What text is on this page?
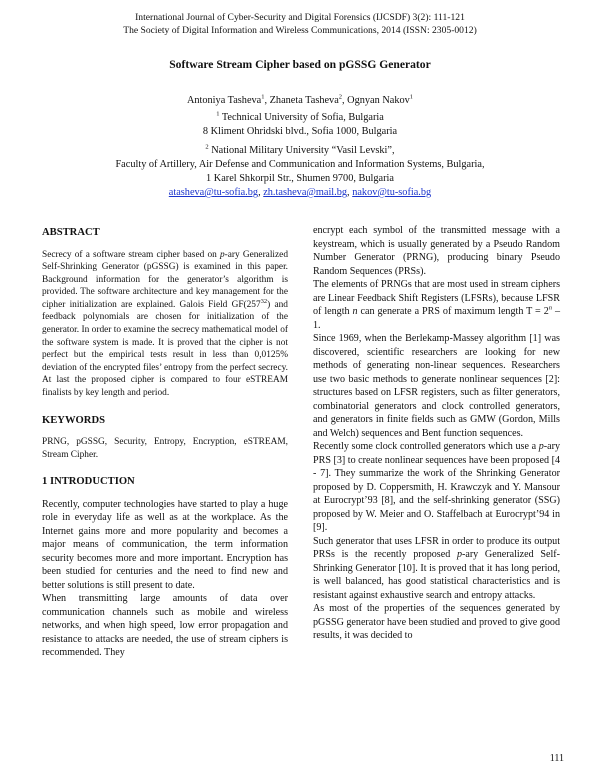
International Journal of Cyber-Security and Digital Forensics (IJCSDF) 3(2): 111-121
The Society of Digital Information and Wireless Communications, 2014 (ISSN: 2305-0012)
Software Stream Cipher based on pGSSG Generator
Antoniya Tasheva$^1$, Zhaneta Tasheva$^2$, Ognyan Nakov$^1$
$^1$ Technical University of Sofia, Bulgaria
8 Kliment Ohridski blvd., Sofia 1000, Bulgaria
$^2$ National Military University “Vasil Levski”,
Faculty of Artillery, Air Defense and Communication and Information Systems, Bulgaria,
1 Karel Shkorpil Str., Shumen 9700, Bulgaria
atasheva@tu-sofia.bg, zh.tasheva@mail.bg, nakov@tu-sofia.bg
ABSTRACT

Secrecy of a software stream cipher based on p-ary Generalized Self-Shrinking Generator (pGSSG) is examined in this paper. Background information for the generator’s algorithm is provided. The software architecture and key management for the cipher initialization are explained. Galois Field $GF(257^{32})$ and feedback polynomials are chosen for initialization of the generator. In order to examine the secrecy mathematical model of the software system is made. It is proved that the cipher is not perfect but the empirical tests result in less than 0,0125% deviation of the encrypted files’ entropy from the perfect secrecy. At last the proposed cipher is compared to four eSTREAM finalists by key length and period.

KEYWORDS

PRNG, pGSSG, Security, Entropy, Encryption, eSTREAM, Stream Cipher.

1 INTRODUCTION

Recently, computer technologies have started to play a huge role in everyday life as well as at the workplace. As the Internet gains more and more popularity and becomes a major means of communication, the term information security becomes more and more important. Encryption has been studied for centuries and the need to find new and better solutions is still present to date.

When transmitting large amounts of data over communication channels such as mobile and wireless networks, and when high speed, low error propagation and resistance to attacks are needed, the use of stream ciphers is recommended. They

encrypt each symbol of the transmitted message with a keystream, which is usually generated by a Pseudo Random Number Generator (PRNG), producing binary Pseudo Random Sequences (PRSs).

The elements of PRNGs that are most used in stream ciphers are Linear Feedback Shift Registers (LFSRs), because LFSR of length n can generate a PRS of maximum length $T = 2^n - 1$.

Since 1969, when the Berlekamp-Massey algorithm [1] was discovered, scientific researchers are looking for new methods of generating non-linear sequences. Researchers use two basic methods to generate nonlinear sequences [2]: structures based on LFSR registers, such as filter generators, combinatorial generators and clock controlled generators, and generators in finite fields such as GMW (Gordon, Mills and Welch) sequences and Bent function sequences.

Recently some clock controlled generators which use a p-ary PRS [3] to create nonlinear sequences have been proposed [4 - 7]. They summarize the work of the Shrinking Generator proposed by D. Coppersmith, H. Krawczyk and Y. Mansour at Eurocrypt’93 [8], and the self-shrinking generator (SSG) proposed by W. Meier and O. Staffelbach at Eurocrypt’94 in [9].

Such generator that uses LFSR in order to produce its output PRSs is the recently proposed p-ary Generalized Self-Shrinking Generator [10]. It is proved that it has long period, is well balanced, has good statistical characteristics and is resistant against exhaustive search and entropy attacks.

As most of the properties of the sequences generated by pGSSG generator have been studied and proved to give good results, it was decided to

111
